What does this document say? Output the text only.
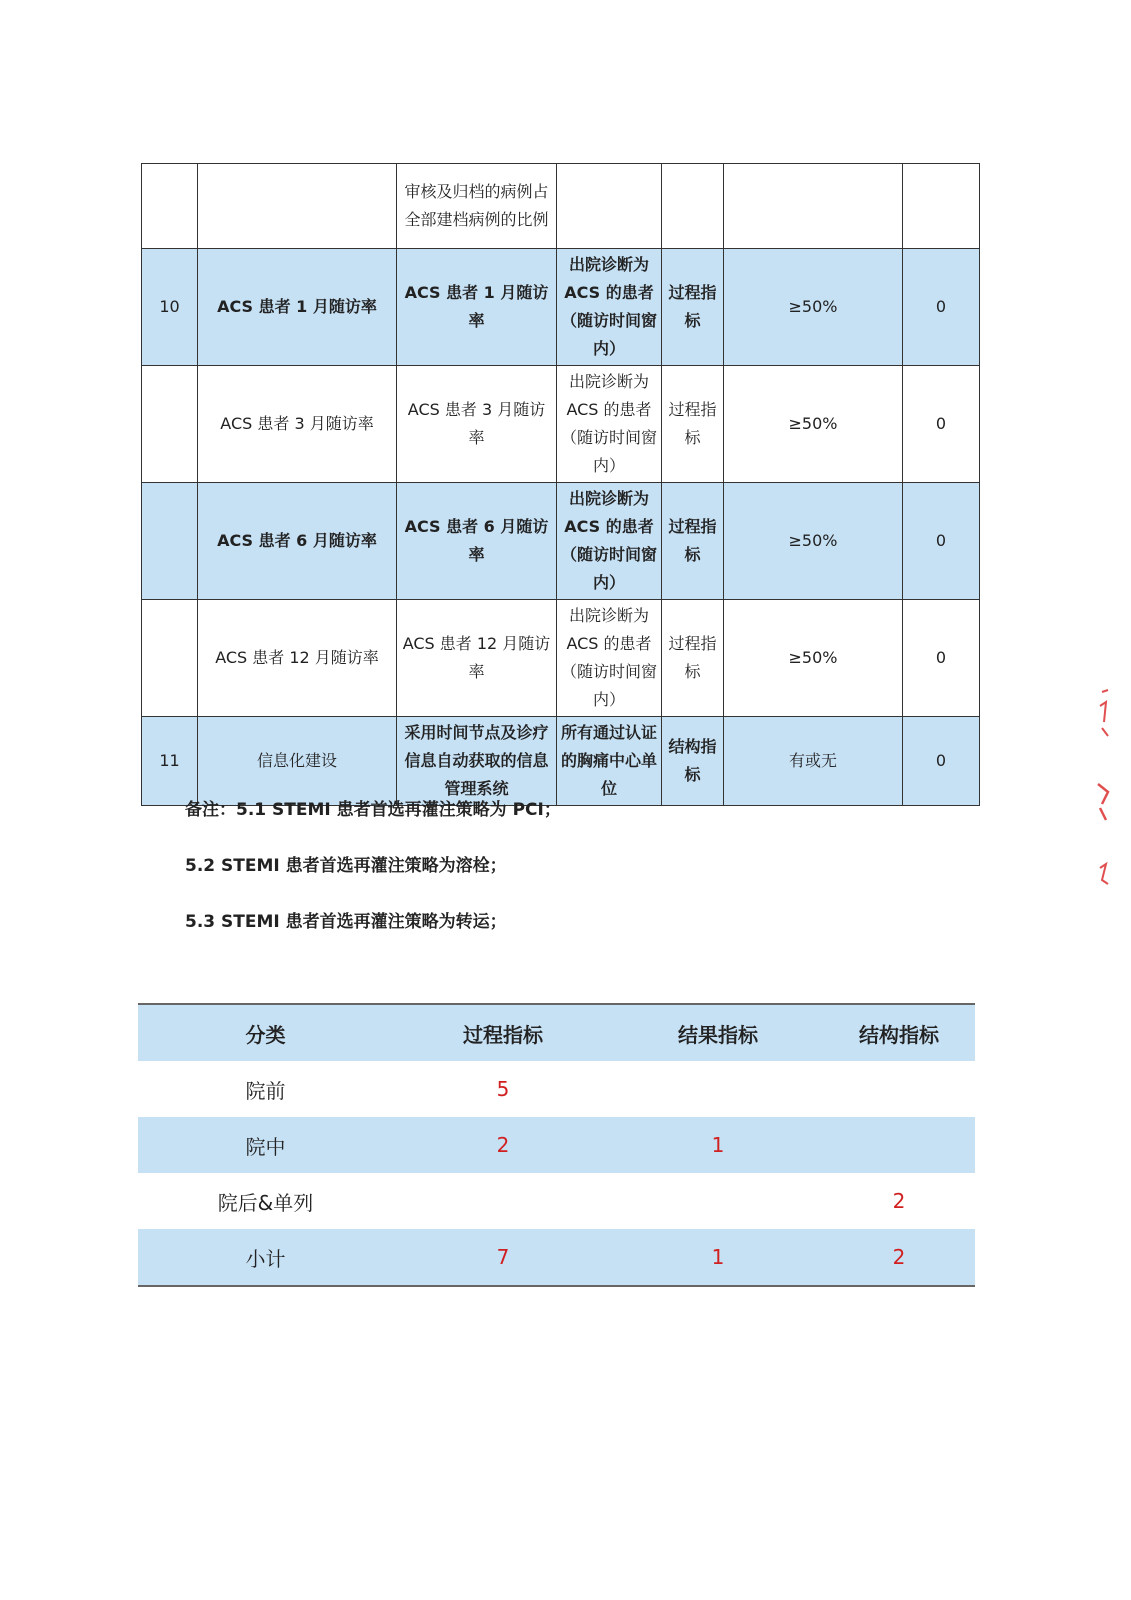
		审核及归档的病例占全部建档病例的比例				
10	ACS 患者 1 月随访率	ACS 患者 1 月随访率	出院诊断为 ACS 的患者（随访时间窗内）	过程指标	≥50%	0
	ACS 患者 3 月随访率	ACS 患者 3 月随访率	出院诊断为 ACS 的患者（随访时间窗内）	过程指标	≥50%	0
	ACS 患者 6 月随访率	ACS 患者 6 月随访率	出院诊断为 ACS 的患者（随访时间窗内）	过程指标	≥50%	0
	ACS 患者 12 月随访率	ACS 患者 12 月随访率	出院诊断为 ACS 的患者（随访时间窗内）	过程指标	≥50%	0
11	信息化建设	采用时间节点及诊疗信息自动获取的信息管理系统	所有通过认证的胸痛中心单位	结构指标	有或无	0
备注：5.1 STEMI 患者首选再灌注策略为 PCI；
5.2 STEMI 患者首选再灌注策略为溶栓；
5.3 STEMI 患者首选再灌注策略为转运；
分类	过程指标	结果指标	结构指标
院前	5		
院中	2	1	
院后&单列			2
小计	7	1	2
